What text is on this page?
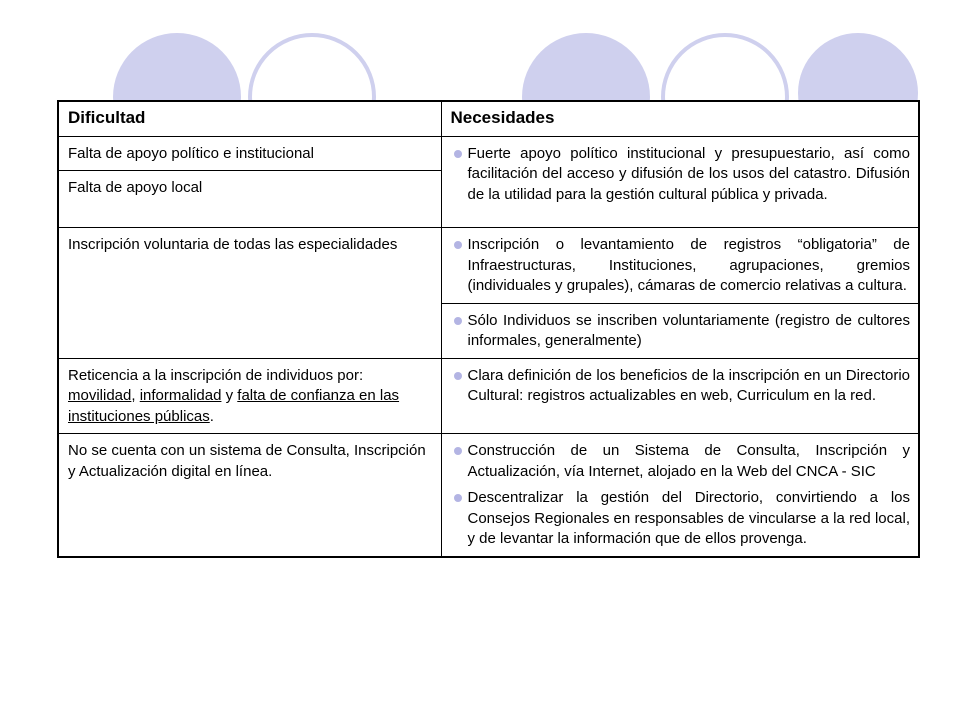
Dificultad	Necesidades
Falta de apoyo político e institucional	Fuerte apoyo político institucional y presupuestario, así como facilitación del acceso y difusión de los usos del catastro. Difusión de la utilidad para la gestión cultural pública y privada.

Falta de apoyo local	
Inscripción voluntaria de todas las especialidades	Inscripción o levantamiento de registros “obligatoria” de Infraestructuras, Instituciones, agrupaciones, gremios (individuales y grupales), cámaras de comercio relativas a cultura.

Sólo Individuos se inscriben voluntariamente (registro de cultores informales, generalmente)

Reticencia a la inscripción de individuos por: movilidad, informalidad y falta de confianza en las instituciones públicas.	Clara definición de los beneficios de la inscripción en un Directorio Cultural: registros actualizables en web, Curriculum en la red.

No se cuenta con un sistema de Consulta, Inscripción y Actualización digital en línea.	Construcción de un Sistema de Consulta, Inscripción y Actualización, vía Internet, alojado en la Web del CNCA - SIC
Descentralizar la gestión del Directorio, convirtiendo a los Consejos Regionales en responsables de vincularse a la red local, y de levantar la información que de ellos provenga.
